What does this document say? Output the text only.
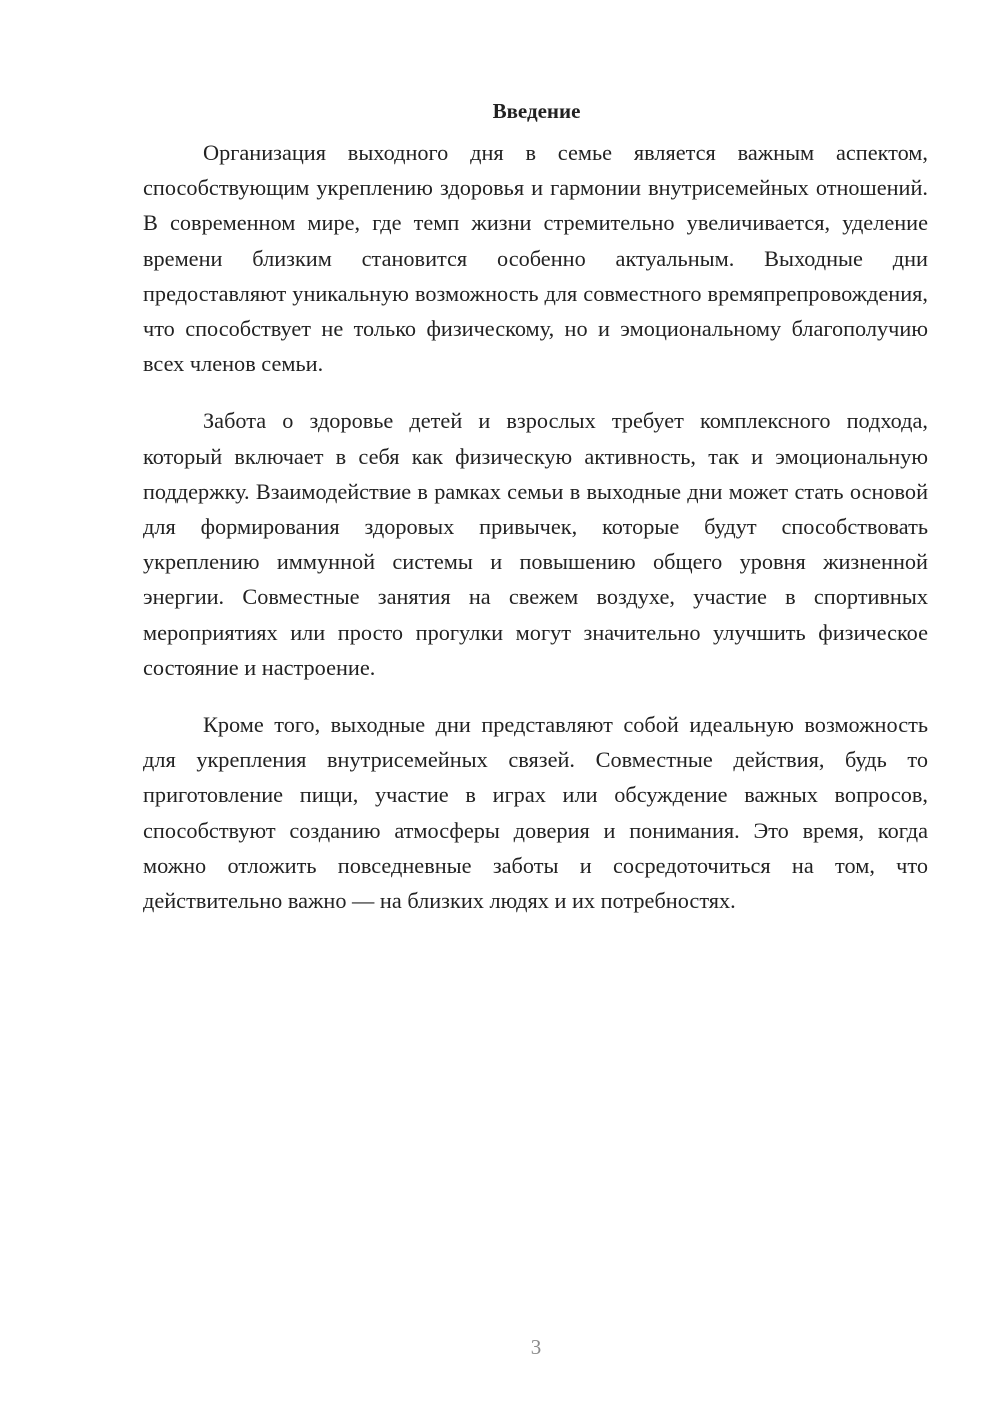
Введение

Организация выходного дня в семье является важным аспектом, способствующим укреплению здоровья и гармонии внутрисемейных отношений. В современном мире, где темп жизни стремительно увеличивается, уделение времени близким становится особенно актуальным. Выходные дни предоставляют уникальную возможность для совместного времяпрепровождения, что способствует не только физическому, но и эмоциональному благополучию всех членов семьи.

Забота о здоровье детей и взрослых требует комплексного подхода, который включает в себя как физическую активность, так и эмоциональную поддержку. Взаимодействие в рамках семьи в выходные дни может стать основой для формирования здоровых привычек, которые будут способствовать укреплению иммунной системы и повышению общего уровня жизненной энергии. Совместные занятия на свежем воздухе, участие в спортивных мероприятиях или просто прогулки могут значительно улучшить физическое состояние и настроение.

Кроме того, выходные дни представляют собой идеальную возможность для укрепления внутрисемейных связей. Совместные действия, будь то приготовление пищи, участие в играх или обсуждение важных вопросов, способствуют созданию атмосферы доверия и понимания. Это время, когда можно отложить повседневные заботы и сосредоточиться на том, что действительно важно — на близких людях и их потребностях.

3
